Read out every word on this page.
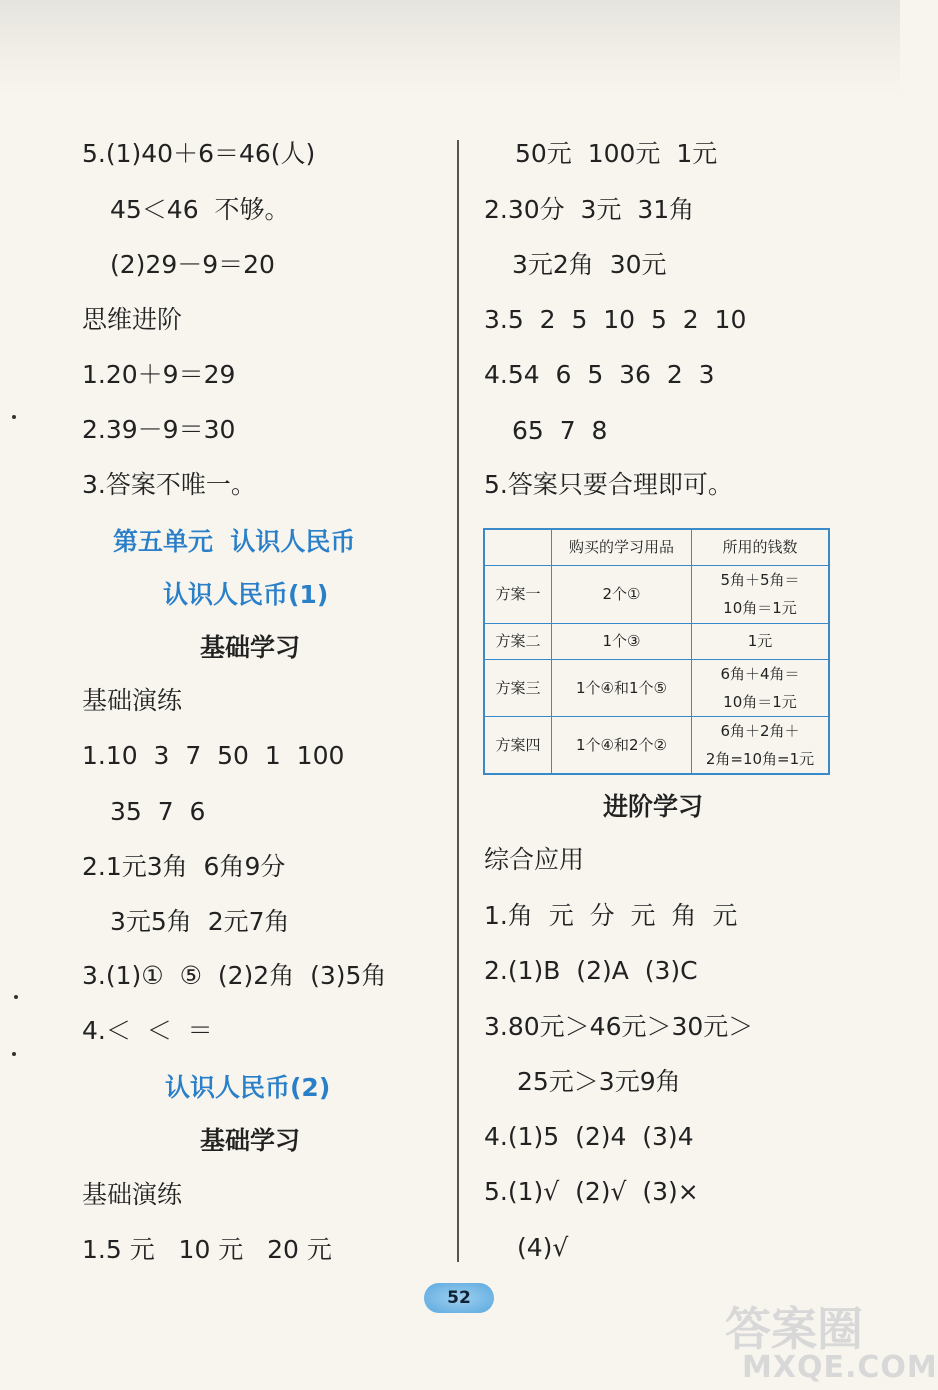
5.(1)40＋6＝46(人)
45＜46  不够。
(2)29－9＝20
思维进阶
1.20＋9＝29
2.39－9＝30
3.答案不唯一。
第五单元  认识人民币
认识人民币(1)
基础学习
基础演练
1.10  3  7  50  1  100
35  7  6
2.1元3角  6角9分
3元5角  2元7角
3.(1)①  ⑤  (2)2角  (3)5角
4.＜  ＜  ＝
认识人民币(2)
基础学习
基础演练
1.5 元   10 元   20 元
50元  100元  1元
2.30分  3元  31角
3元2角  30元
3.5  2  5  10  5  2  10
4.54  6  5  36  2  3
65  7  8
5.答案只要合理即可。
	购买的学习用品	所用的钱数
方案一	2个①	5角＋5角＝
10角＝1元

方案二	1个③	1元
方案三	1个④和1个⑤	6角＋4角＝
10角＝1元

方案四	1个④和2个②	6角＋2角＋
2角=10角=1元
进阶学习
综合应用
1.角  元  分  元  角  元
2.(1)B  (2)A  (3)C
3.80元＞46元＞30元＞
25元＞3元9角
4.(1)5  (2)4  (3)4
5.(1)√  (2)√  (3)×
(4)√
52
答案圈
MXQE.COM
